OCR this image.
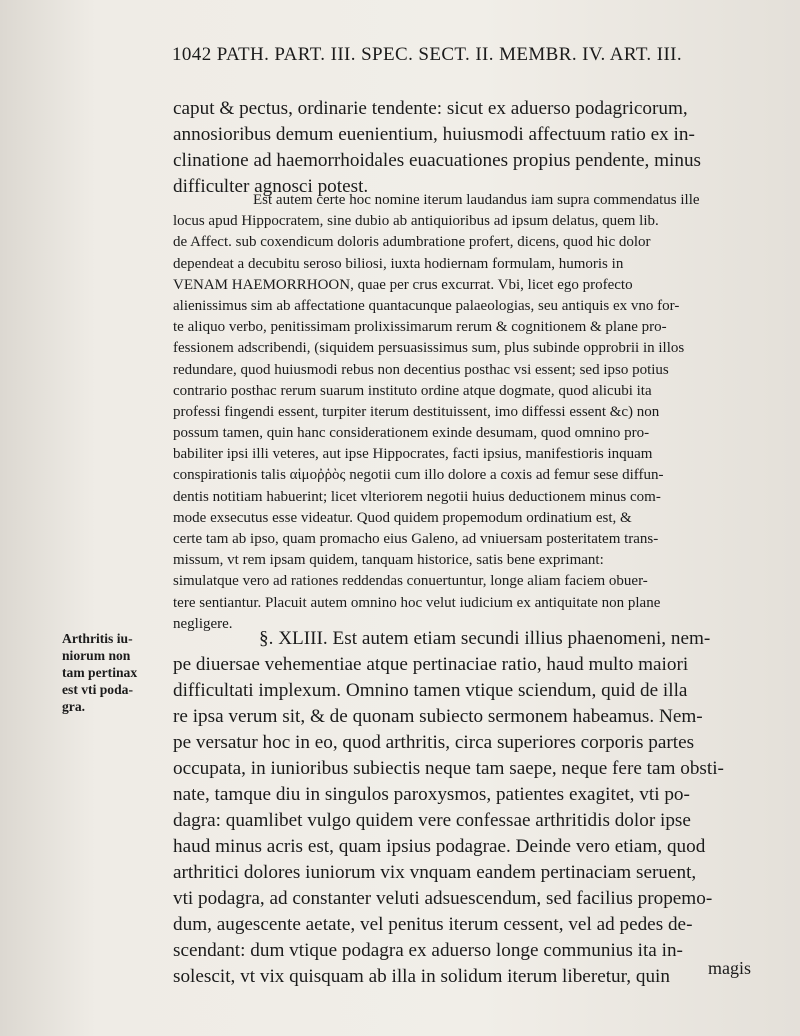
1042 PATH. PART. III. SPEC. SECT. II. MEMBR. IV. ART. III.
caput & pectus, ordinarie tendente: sicut ex aduerso podagricorum,
annosioribus demum euenientium, huiusmodi affectuum ratio ex in-
clinatione ad haemorrhoidales euacuationes propius pendente, minus
difficulter agnosci potest.
Est autem certe hoc nomine iterum laudandus iam supra commendatus ille
locus apud Hippocratem, sine dubio ab antiquioribus ad ipsum delatus, quem lib.
de Affect. sub coxendicum doloris adumbratione profert, dicens, quod hic dolor
dependeat a decubitu seroso biliosi, iuxta hodiernam formulam, humoris in
VENAM HAEMORRHOON, quae per crus excurrat. Vbi, licet ego profecto
alienissimus sim ab affectatione quantacunque palaeologias, seu antiquis ex vno for-
te aliquo verbo, penitissimam prolixissimarum rerum & cognitionem & plane pro-
fessionem adscribendi, (siquidem persuasissimus sum, plus subinde opprobrii in illos
redundare, quod huiusmodi rebus non decentius posthac vsi essent; sed ipso potius
contrario posthac rerum suarum instituto ordine atque dogmate, quod alicubi ita
professi fingendi essent, turpiter iterum destituissent, imo diffessi essent &c) non
possum tamen, quin hanc considerationem exinde desumam, quod omnino pro-
babiliter ipsi illi veteres, aut ipse Hippocrates, facti ipsius, manifestioris inquam
conspirationis talis αἱμοῤῥὸς negotii cum illo dolore a coxis ad femur sese diffun-
dentis notitiam habuerint; licet vlteriorem negotii huius deductionem minus com-
mode exsecutus esse videatur. Quod quidem propemodum ordinatium est, &
certe tam ab ipso, quam promacho eius Galeno, ad vniuersam posteritatem trans-
missum, vt rem ipsam quidem, tanquam historice, satis bene exprimant:
simulatque vero ad rationes reddendas conuertuntur, longe aliam faciem obuer-
tere sentiantur. Placuit autem omnino hoc velut iudicium ex antiquitate non plane
negligere.
Arthritis iu-
niorum non
tam pertinax
est vti poda-
gra.
§. XLIII. Est autem etiam secundi illius phaenomeni, nem-
pe diuersae vehementiae atque pertinaciae ratio, haud multo maiori
difficultati implexum. Omnino tamen vtique sciendum, quid de illa
re ipsa verum sit, & de quonam subiecto sermonem habeamus. Nem-
pe versatur hoc in eo, quod arthritis, circa superiores corporis partes
occupata, in iunioribus subiectis neque tam saepe, neque fere tam obsti-
nate, tamque diu in singulos paroxysmos, patientes exagitet, vti po-
dagra: quamlibet vulgo quidem vere confessae arthritidis dolor ipse
haud minus acris est, quam ipsius podagrae. Deinde vero etiam, quod
arthritici dolores iuniorum vix vnquam eandem pertinaciam seruent,
vti podagra, ad constanter veluti adsuescendum, sed facilius propemo-
dum, augescente aetate, vel penitus iterum cessent, vel ad pedes de-
scendant: dum vtique podagra ex aduerso longe communius ita in-
solescit, vt vix quisquam ab illa in solidum iterum liberetur, quin	magis
